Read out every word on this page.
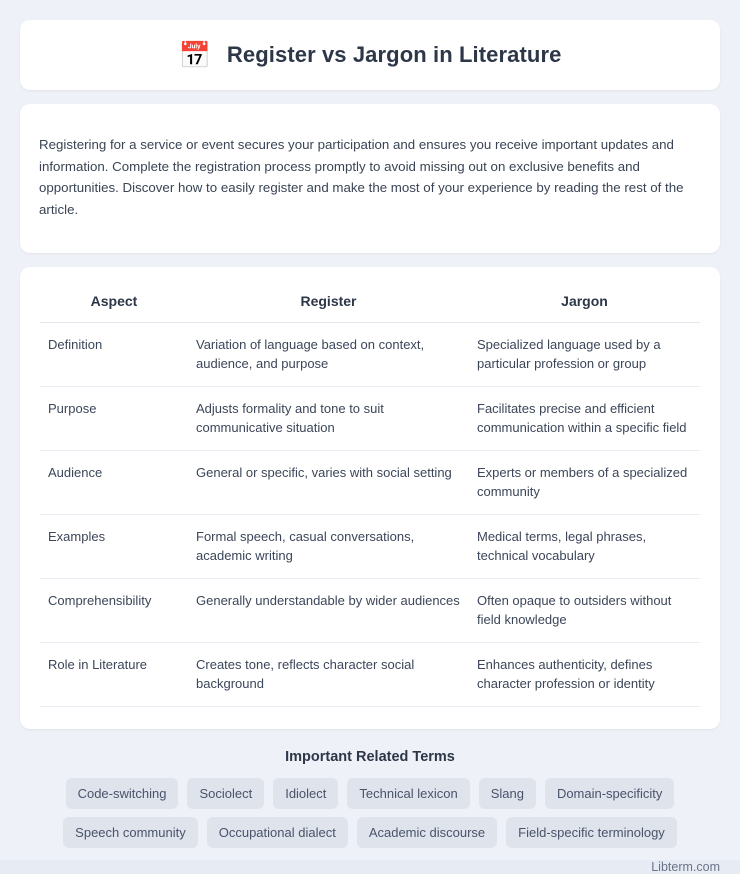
📅 Register vs Jargon in Literature

Registering for a service or event secures your participation and ensures you receive important updates and information. Complete the registration process promptly to avoid missing out on exclusive benefits and opportunities. Discover how to easily register and make the most of your experience by reading the rest of the article.

Aspect	Register	Jargon
Definition	Variation of language based on context, audience, and purpose	Specialized language used by a particular profession or group
Purpose	Adjusts formality and tone to suit communicative situation	Facilitates precise and efficient communication within a specific field
Audience	General or specific, varies with social setting	Experts or members of a specialized community
Examples	Formal speech, casual conversations, academic writing	Medical terms, legal phrases, technical vocabulary
Comprehensibility	Generally understandable by wider audiences	Often opaque to outsiders without field knowledge
Role in Literature	Creates tone, reflects character social background	Enhances authenticity, defines character profession or identity
Important Related Terms
Code-switching	Sociolect	Idiolect	Technical lexicon	Slang	Domain-specificity
Speech community	Occupational dialect	Academic discourse	Field-specific terminology
Libterm.com
